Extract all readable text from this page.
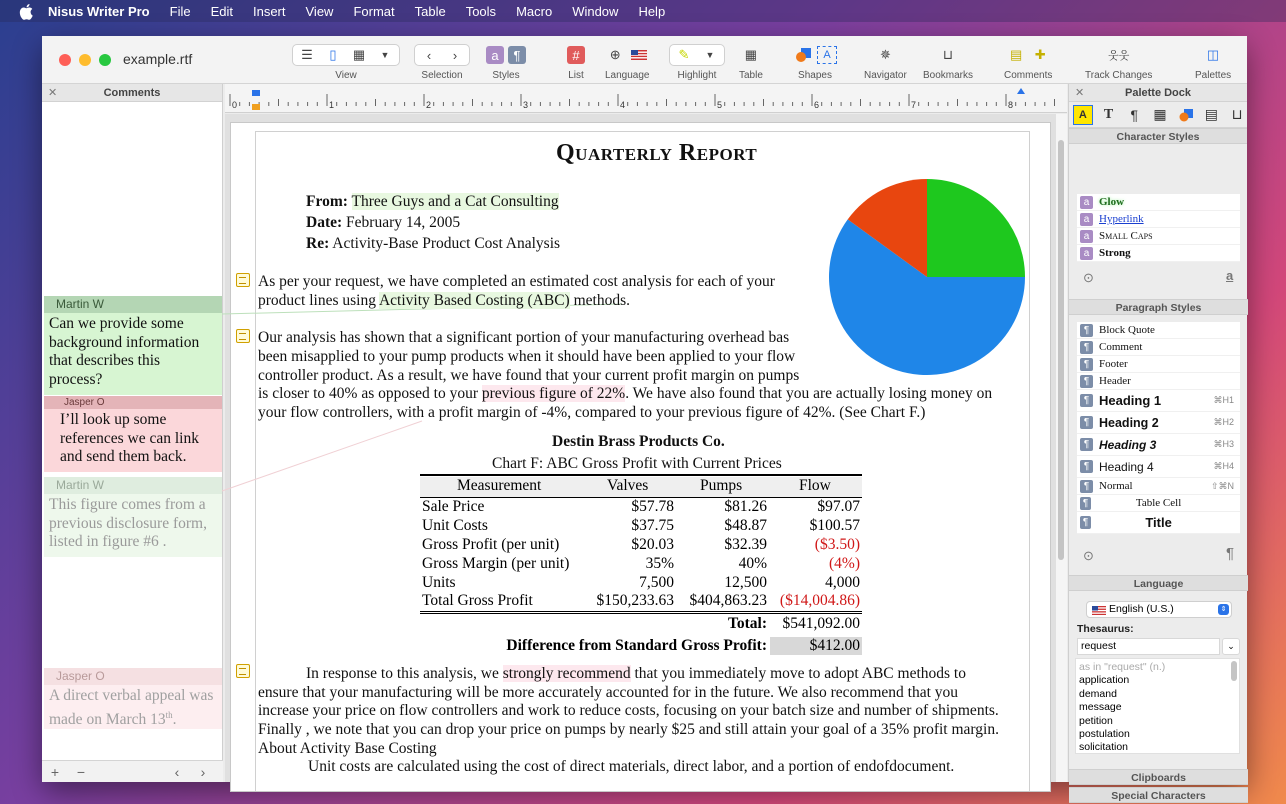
Nisus Writer Pro File Edit Insert View Format Table Tools Macro Window Help
example.rtf	☰	▯	▦	▼
View
‹	›
Selection
a	¶
Styles
#
List
⊕
Language
✎	▼
Highlight
▦
Table
A
Shapes
✵
Navigator
⊔
Bookmarks
▤ ✚
Comments
웃웃
Track Changes
◫
Palettes
✕	Comments
Martin W
Can we provide some background information that describes this process?
Jasper O
I’ll look up some references we can link and send them back.
Martin W
This figure comes from a previous disclosure form, listed in figure #6 .
Jasper O
A direct verbal appeal was made on March 13th.
+	−	‹	›
0	1	2	3	4	5	6	7	8
Quarterly Report
From: Three Guys and a Cat Consulting
Date: February 14, 2005
Re: Activity-Base Product Cost Analysis
As per your request, we have completed an estimated cost analysis for each of your
product lines using Activity Based Costing (ABC) methods.
Our analysis has shown that a significant portion of your manufacturing overhead bas
been misapplied to your pump products when it should have been applied to your flow
controller product. As a result, we have found that your current profit margin on pumps
is closer to 40% as opposed to your previous figure of 22%. We have also found that you are actually losing money on
your flow controllers, with a profit margin of -4%, compared to your previous figure of 42%. (See Chart F.)
Destin Brass Products Co.
Chart F: ABC Gross Profit with Current Prices
Measurement	Valves	Pumps	Flow
Sale Price	$57.78	$81.26	$97.07
Unit Costs	$37.75	$48.87	$100.57
Gross Profit (per unit)	$20.03	$32.39	($3.50)
Gross Margin (per unit)	35%	40%	(4%)
Units	7,500	12,500	4,000
Total Gross Profit	$150,233.63 $404,863.23 ($14,004.86)
Total: $541,092.00
Difference from Standard Gross Profit:	$412.00
In response to this analysis, we strongly recommend that you immediately move to adopt ABC methods to
ensure that your manufacturing will be more accurately accounted for in the future. We also recommend that you
increase your price on flow controllers and work to reduce costs, focusing on your batch size and number of shipments.
Finally , we note that you can drop your price on pumps by nearly $25 and still attain your goal of a 35% profit margin.
About Activity Base Costing
Unit costs are calculated using the cost of direct materials, direct labor, and a portion of endofdocument.
✕	Palette Dock
A	T	¶	▦	▤ ⊔
Character Styles
a Glow
a Hyperlink
a Small Caps
a Strong
⊙	a
Paragraph Styles
¶ Block Quote
¶ Comment
¶ Footer
¶ Header
¶ Heading 1	⌘H1
¶ Heading 2	⌘H2
¶ Heading 3	⌘H3
¶ Heading 4	⌘H4
¶ Normal	⇧⌘N
¶	Table Cell
¶	Title
⊙	¶
Language
English (U.S.)	⇕
Thesaurus:
request	⌄
as in "request" (n.)
application
demand
message
petition
postulation
solicitation
Clipboards
Special Characters
